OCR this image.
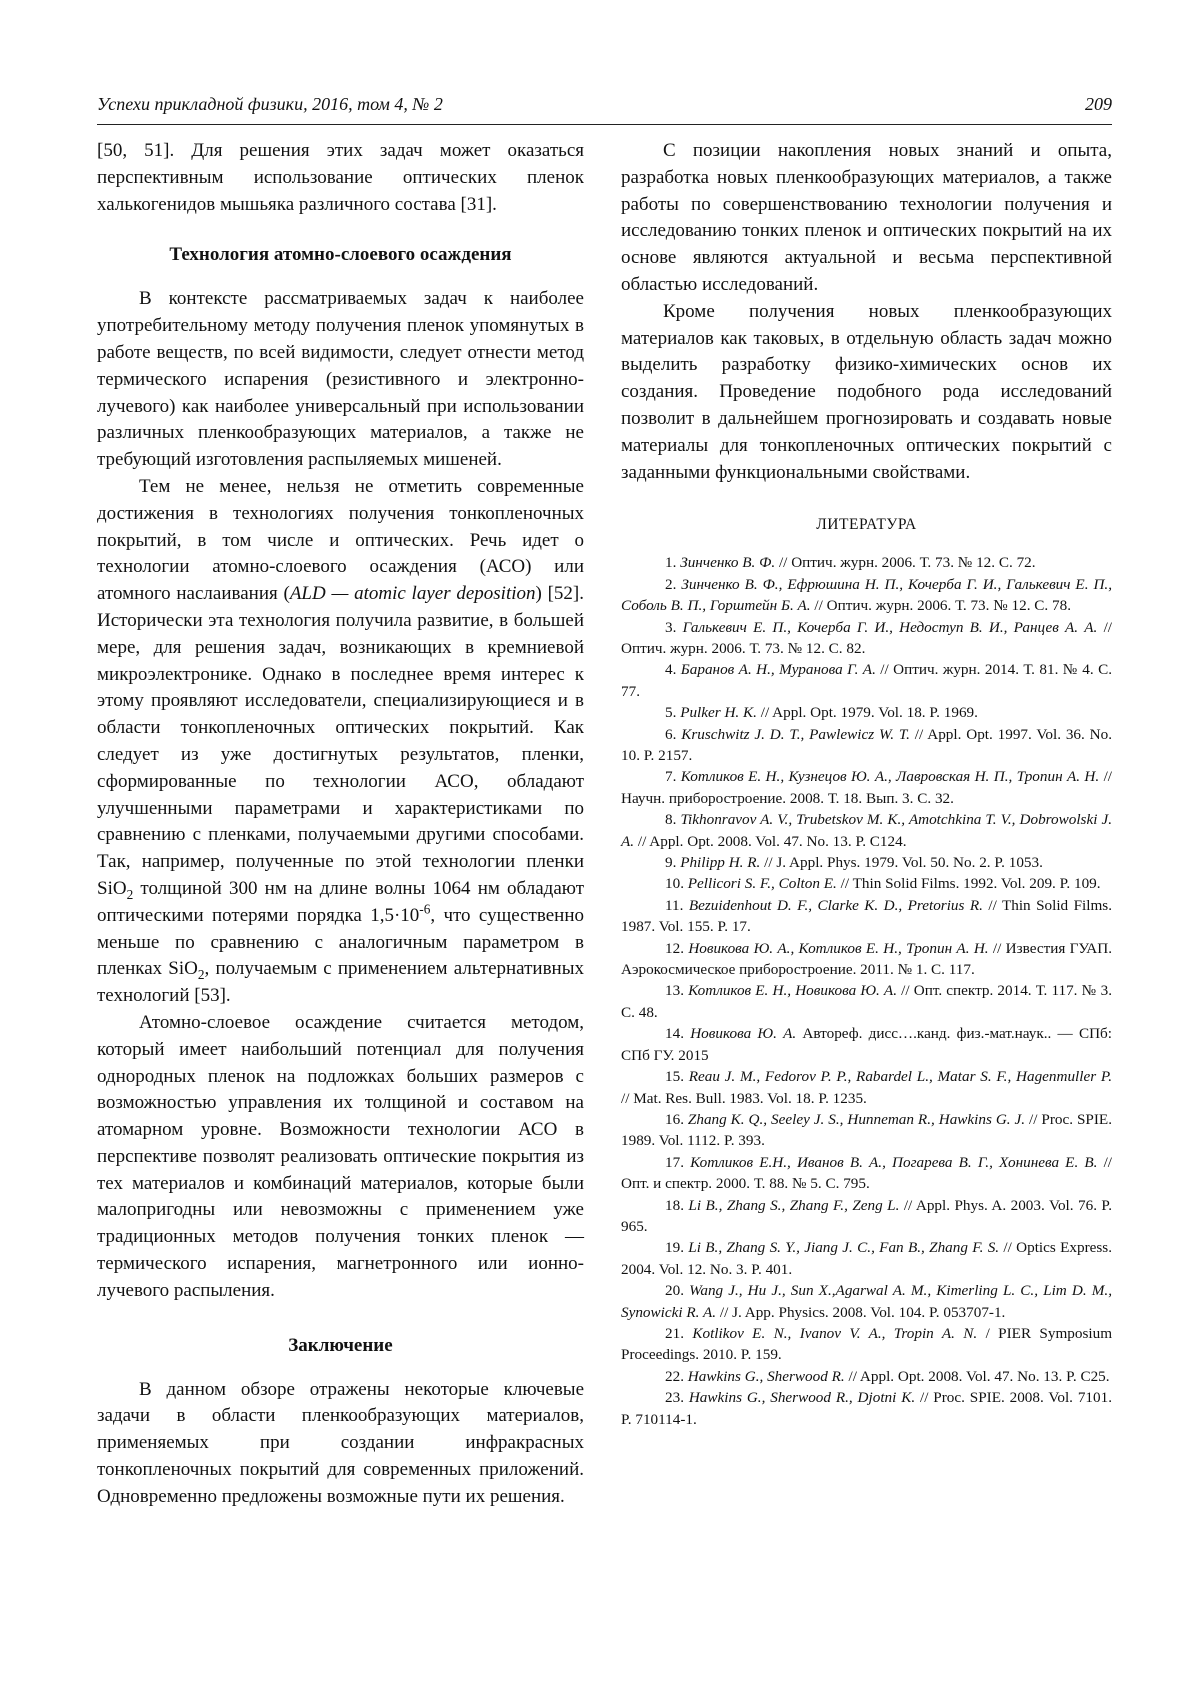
Успехи прикладной физики, 2016, том 4, № 2	209

[50, 51]. Для решения этих задач может оказаться перспективным использование оптических пленок халькогенидов мышьяка различного состава [31].

Технология атомно-слоевого осаждения

В контексте рассматриваемых задач к наиболее употребительному методу получения пленок упомянутых в работе веществ, по всей видимости, следует отнести метод термического испарения (резистивного и электронно-лучевого) как наиболее универсальный при использовании различных пленкообразующих материалов, а также не требующий изготовления распыляемых мишеней.

Тем не менее, нельзя не отметить современные достижения в технологиях получения тонкопленочных покрытий, в том числе и оптических. Речь идет о технологии атомно-слоевого осаждения (АСО) или атомного наслаивания (ALD — atomic layer deposition) [52]. Исторически эта технология получила развитие, в большей мере, для решения задач, возникающих в кремниевой микроэлектронике. Однако в последнее время интерес к этому проявляют исследователи, специализирующиеся и в области тонкопленочных оптических покрытий. Как следует из уже достигнутых результатов, пленки, сформированные по технологии АСО, обладают улучшенными параметрами и характеристиками по сравнению с пленками, получаемыми другими способами. Так, например, полученные по этой технологии пленки SiO$_2$ толщиной 300 нм на длине волны 1064 нм обладают оптическими потерями порядка $1,5\cdot 10^{-6}$, что существенно меньше по сравнению с аналогичным параметром в пленках SiO$_2$, получаемым с применением альтернативных технологий [53].

Атомно-слоевое осаждение считается методом, который имеет наибольший потенциал для получения однородных пленок на подложках больших размеров с возможностью управления их толщиной и составом на атомарном уровне. Возможности технологии АСО в перспективе позволят реализовать оптические покрытия из тех материалов и комбинаций материалов, которые были малопригодны или невозможны с применением уже традиционных методов получения тонких пленок — термического испарения, магнетронного или ионно-лучевого распыления.

Заключение

В данном обзоре отражены некоторые ключевые задачи в области пленкообразующих материалов, применяемых при создании инфракрасных тонкопленочных покрытий для современных приложений. Одновременно предложены возможные пути их решения.

С позиции накопления новых знаний и опыта, разработка новых пленкообразующих материалов, а также работы по совершенствованию технологии получения и исследованию тонких пленок и оптических покрытий на их основе являются актуальной и весьма перспективной областью исследований.

Кроме получения новых пленкообразующих материалов как таковых, в отдельную область задач можно выделить разработку физико-химических основ их создания. Проведение подобного рода исследований позволит в дальнейшем прогнозировать и создавать новые материалы для тонкопленочных оптических покрытий с заданными функциональными свойствами.

ЛИТЕРАТУРА

1. Зинченко В. Ф. // Оптич. журн. 2006. Т. 73. № 12. С. 72.

2. Зинченко В. Ф., Ефрюшина Н. П., Кочерба Г. И., Галькевич Е. П., Соболь В. П., Горштейн Б. А. // Оптич. журн. 2006. Т. 73. № 12. С. 78.

3. Галькевич Е. П., Кочерба Г. И., Недоступ В. И., Ранцев А. А. // Оптич. журн. 2006. Т. 73. № 12. С. 82.

4. Баранов А. Н., Муранова Г. А. // Оптич. журн. 2014. Т. 81. № 4. С. 77.

5. Pulker H. K. // Appl. Opt. 1979. Vol. 18. P. 1969.

6. Kruschwitz J. D. T., Pawlewicz W. T. // Appl. Opt. 1997. Vol. 36. No. 10. P. 2157.

7. Котликов Е. Н., Кузнецов Ю. А., Лавровская Н. П., Тропин А. Н. // Научн. приборостроение. 2008. Т. 18. Вып. 3. С. 32.

8. Tikhonravov A. V., Trubetskov M. K., Amotchkina T. V., Dobrowolski J. A. // Appl. Opt. 2008. Vol. 47. No. 13. P. C124.

9. Philipp H. R. // J. Appl. Phys. 1979. Vol. 50. No. 2. P. 1053.

10. Pellicori S. F., Colton E. // Thin Solid Films. 1992. Vol. 209. P. 109.

11. Bezuidenhout D. F., Clarke K. D., Pretorius R. // Thin Solid Films. 1987. Vol. 155. P. 17.

12. Новикова Ю. А., Котликов Е. Н., Тропин А. Н. // Известия ГУАП. Аэрокосмическое приборостроение. 2011. № 1. С. 117.

13. Котликов Е. Н., Новикова Ю. А. // Опт. спектр. 2014. Т. 117. № 3. С. 48.

14. Новикова Ю. А. Автореф. дисс….канд. физ.-мат.наук.. — СПб: СПб ГУ. 2015

15. Reau J. M., Fedorov P. P., Rabardel L., Matar S. F., Hagenmuller P. // Mat. Res. Bull. 1983. Vol. 18. P. 1235.

16. Zhang K. Q., Seeley J. S., Hunneman R., Hawkins G. J. // Proc. SPIE. 1989. Vol. 1112. P. 393.

17. Котликов Е.Н., Иванов В. А., Погарева В. Г., Хонинева Е. В. // Опт. и спектр. 2000. Т. 88. № 5. С. 795.

18. Li B., Zhang S., Zhang F., Zeng L. // Appl. Phys. A. 2003. Vol. 76. P. 965.

19. Li B., Zhang S. Y., Jiang J. C., Fan B., Zhang F. S. // Optics Express. 2004. Vol. 12. No. 3. P. 401.

20. Wang J., Hu J., Sun X.,Agarwal A. M., Kimerling L. C., Lim D. M., Synowicki R. A. // J. App. Physics. 2008. Vol. 104. P. 053707-1.

21. Kotlikov E. N., Ivanov V. A., Tropin A. N. / PIER Symposium Proceedings. 2010. P. 159.

22. Hawkins G., Sherwood R. // Appl. Opt. 2008. Vol. 47. No. 13. P. C25.

23. Hawkins G., Sherwood R., Djotni K. // Proc. SPIE. 2008. Vol. 7101. P. 710114-1.
